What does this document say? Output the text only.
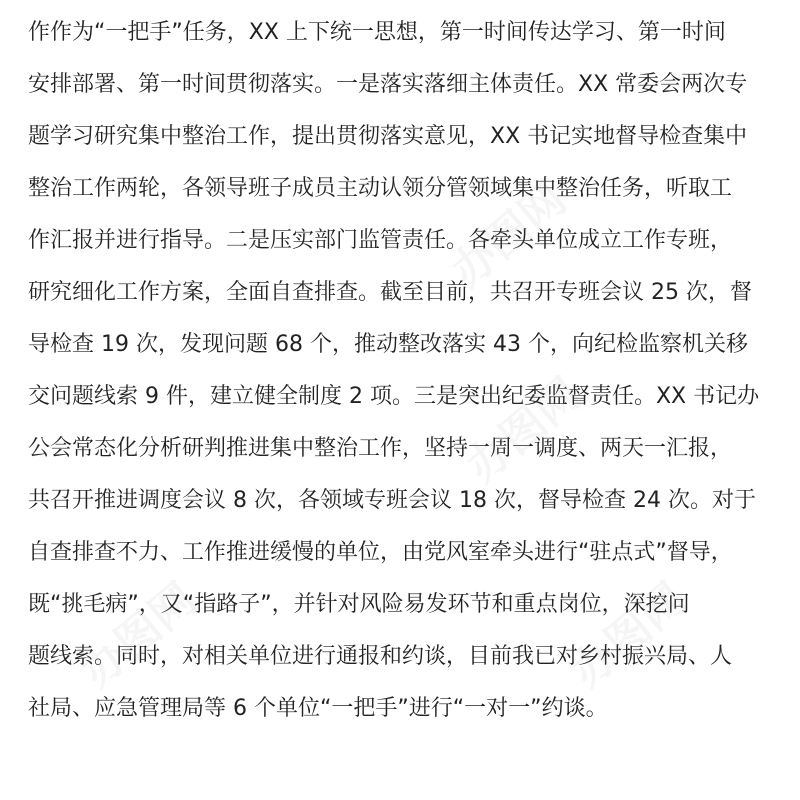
作作为“一把手”任务，XX 上下统一思想，第一时间传达学习、第一时间
安排部署、第一时间贯彻落实。一是落实落细主体责任。XX 常委会两次专
题学习研究集中整治工作，提出贯彻落实意见，XX 书记实地督导检查集中
整治工作两轮，各领导班子成员主动认领分管领域集中整治任务，听取工
作汇报并进行指导。二是压实部门监管责任。各牵头单位成立工作专班，
研究细化工作方案，全面自查排查。截至目前，共召开专班会议 25 次，督
导检查 19 次，发现问题 68 个，推动整改落实 43 个，向纪检监察机关移
交问题线索 9 件，建立健全制度 2 项。三是突出纪委监督责任。XX 书记办
公会常态化分析研判推进集中整治工作，坚持一周一调度、两天一汇报，
共召开推进调度会议 8 次，各领域专班会议 18 次，督导检查 24 次。对于
自查排查不力、工作推进缓慢的单位，由党风室牵头进行“驻点式”督导，
既“挑毛病”，又“指路子”，并针对风险易发环节和重点岗位，深挖问
题线索。同时，对相关单位进行通报和约谈，目前我已对乡村振兴局、人
社局、应急管理局等 6 个单位“一把手”进行“一对一”约谈。
办图网
办图网
办图网	办图网
